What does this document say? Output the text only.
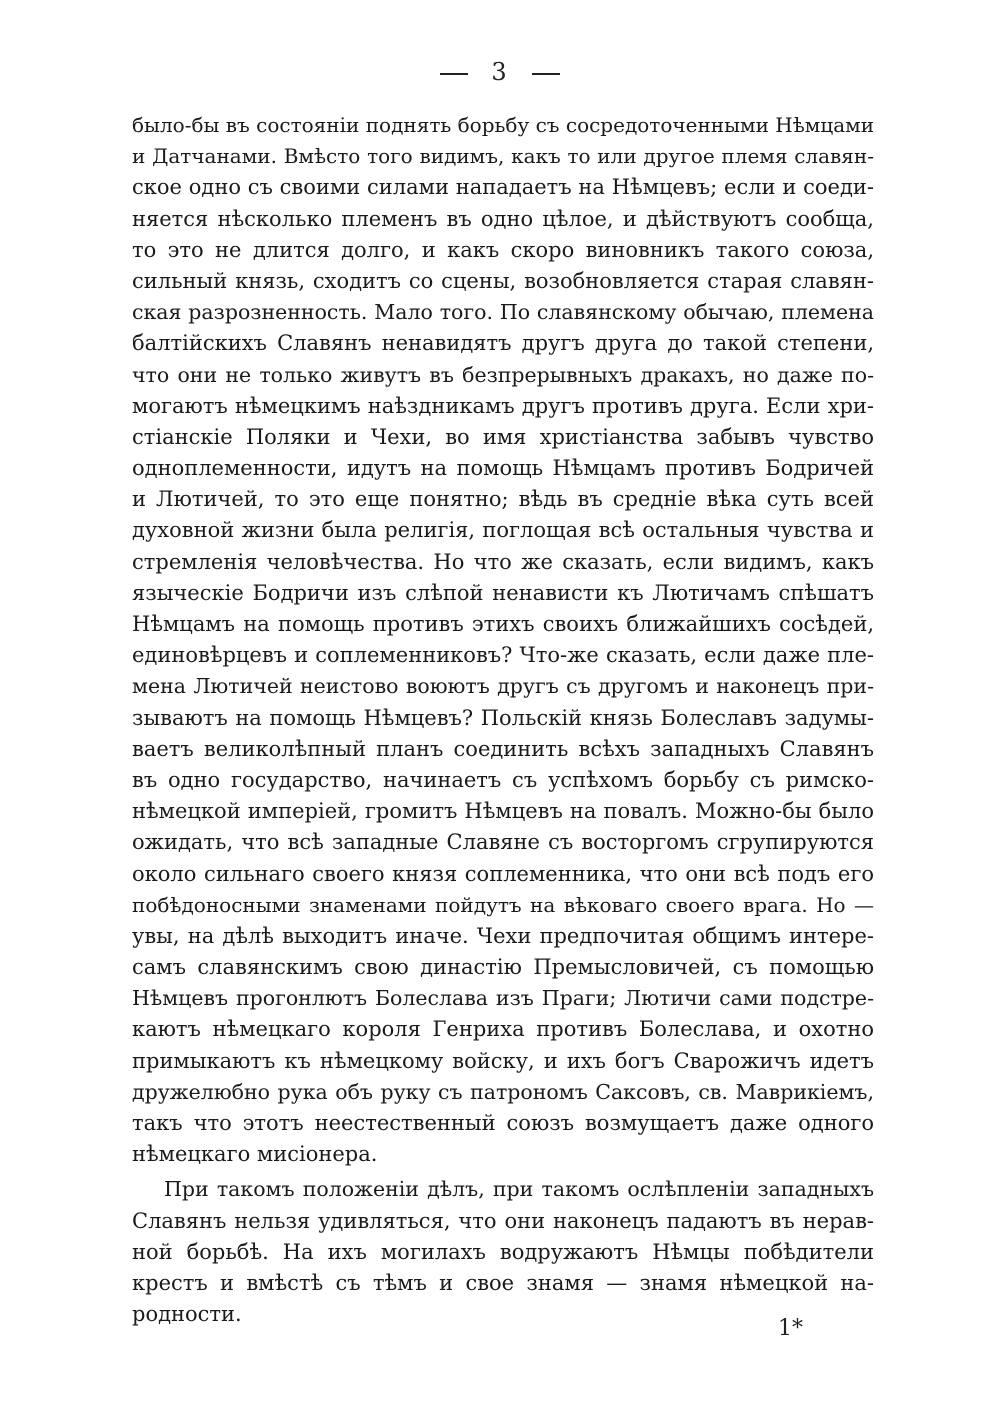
3
было-бы въ состоянiи поднять борьбу съ сосредоточенными Нѣмцами
и Датчанами. Вмѣсто того видимъ, какъ то или другое племя славян-
ское одно съ своими силами нападаетъ на Нѣмцевъ; если и соеди-
няется нѣсколько племенъ въ одно цѣлое, и дѣйствуютъ сообща,
то это не длится долго, и какъ скоро виновникъ такого союза,
сильный князь, сходитъ со сцены, возобновляется старая славян-
ская разрозненность. Мало того. По славянскому обычаю, племена
балтiйскихъ Славянъ ненавидятъ другъ друга до такой степени,
что они не только живутъ въ безпрерывныхъ дракахъ, но даже по-
могаютъ нѣмецкимъ наѣздникамъ другъ противъ друга. Если хри-
стiанскiе Поляки и Чехи, во имя христiанства забывъ чувство
одноплеменности, идутъ на помощь Нѣмцамъ противъ Бодричей
и Лютичей, то это еще понятно; вѣдь въ среднiе вѣка суть всей
духовной жизни была религiя, поглощая всѣ остальныя чувства и
стремленiя человѣчества. Но что же сказать, если видимъ, какъ
языческiе Бодричи изъ слѣпой ненависти къ Лютичамъ спѣшатъ
Нѣмцамъ на помощь противъ этихъ своихъ ближайшихъ сосѣдей,
единовѣрцевъ и соплеменниковъ? Что-же сказать, если даже пле-
мена Лютичей неистово воюютъ другъ съ другомъ и наконецъ при-
зываютъ на помощь Нѣмцевъ? Польскiй князь Болеславъ задумы-
ваетъ великолѣпный планъ соединить всѣхъ западныхъ Славянъ
въ одно государство, начинаетъ съ успѣхомъ борьбу съ римско-
нѣмецкой имперiей, громитъ Нѣмцевъ на повалъ. Можно-бы было
ожидать, что всѣ западные Славяне съ восторгомъ сгрупируются
около сильнаго своего князя соплеменника, что они всѣ подъ его
побѣдоносными знаменами пойдутъ на вѣковаго своего врага. Но —
увы, на дѣлѣ выходитъ иначе. Чехи предпочитая общимъ интере-
самъ славянскимъ свою династiю Премысловичей, съ помощью
Нѣмцевъ прогонлютъ Болеслава изъ Праги; Лютичи сами подстре-
каютъ нѣмецкаго короля Генриха противъ Болеслава, и охотно
примыкаютъ къ нѣмецкому войску, и ихъ богъ Сварожичъ идетъ
дружелюбно рука объ руку съ патрономъ Саксовъ, св. Маврикiемъ,
такъ что этотъ неестественный союзъ возмущаетъ даже одного
нѣмецкаго мисiонера.
При такомъ положенiи дѣлъ, при такомъ ослѣпленiи западныхъ
Славянъ нельзя удивляться, что они наконецъ падаютъ въ нерав-
ной борьбѣ. На ихъ могилахъ водружаютъ Нѣмцы побѣдители
крестъ и вмѣстѣ съ тѣмъ и свое знамя — знамя нѣмецкой на-
родности.
1*
